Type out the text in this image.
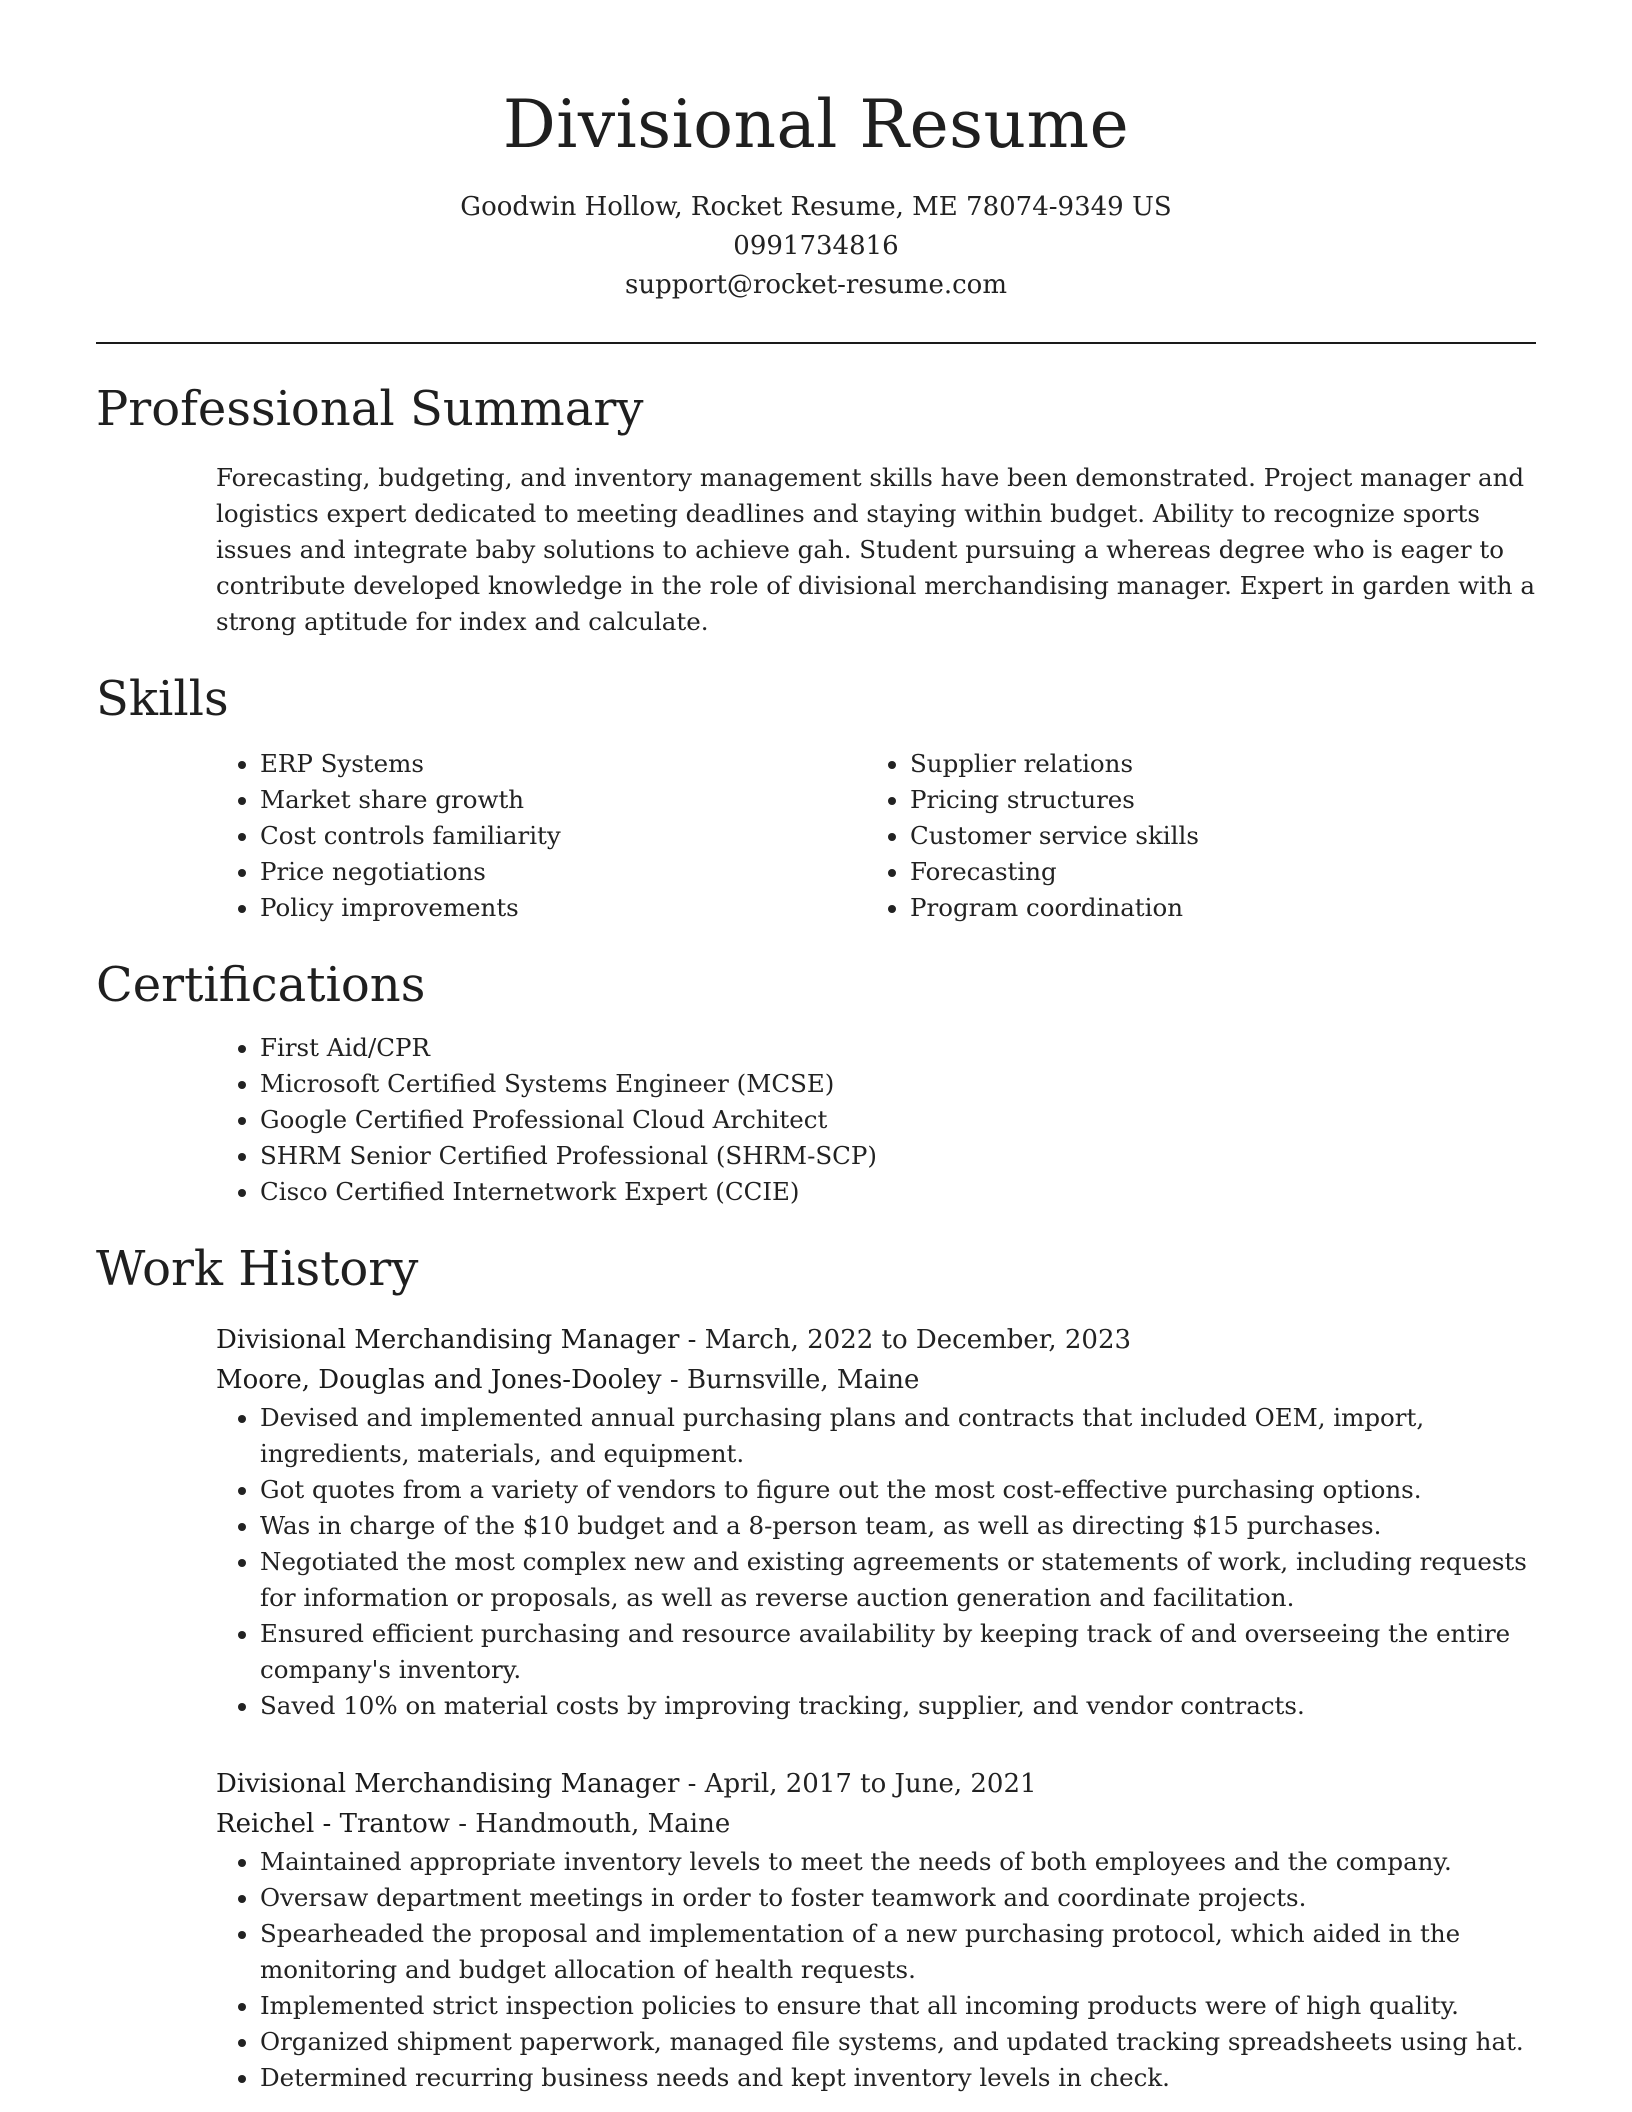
Divisional Resume
Goodwin Hollow, Rocket Resume, ME 78074-9349 US
0991734816
support@rocket-resume.com
Professional Summary

Forecasting, budgeting, and inventory management skills have been demonstrated. Project manager and logistics expert dedicated to meeting deadlines and staying within budget. Ability to recognize sports issues and integrate baby solutions to achieve gah. Student pursuing a whereas degree who is eager to contribute developed knowledge in the role of divisional merchandising manager. Expert in garden with a strong aptitude for index and calculate.

Skills
• ERP Systems
• Market share growth
• Cost controls familiarity
• Price negotiations
• Policy improvements
• Supplier relations
• Pricing structures
• Customer service skills
• Forecasting
• Program coordination
Certifications
• First Aid/CPR
• Microsoft Certified Systems Engineer (MCSE)
• Google Certified Professional Cloud Architect
• SHRM Senior Certified Professional (SHRM-SCP)
• Cisco Certified Internetwork Expert (CCIE)
Work History
Divisional Merchandising Manager - March, 2022 to December, 2023
Moore, Douglas and Jones-Dooley - Burnsville, Maine
• Devised and implemented annual purchasing plans and contracts that included OEM, import, ingredients, materials, and equipment.
• Got quotes from a variety of vendors to figure out the most cost-effective purchasing options.
• Was in charge of the $10 budget and a 8-person team, as well as directing $15 purchases.
• Negotiated the most complex new and existing agreements or statements of work, including requests for information or proposals, as well as reverse auction generation and facilitation.
• Ensured efficient purchasing and resource availability by keeping track of and overseeing the entire company's inventory.
• Saved 10% on material costs by improving tracking, supplier, and vendor contracts.
Divisional Merchandising Manager - April, 2017 to June, 2021
Reichel - Trantow - Handmouth, Maine
• Maintained appropriate inventory levels to meet the needs of both employees and the company.
• Oversaw department meetings in order to foster teamwork and coordinate projects.
• Spearheaded the proposal and implementation of a new purchasing protocol, which aided in the monitoring and budget allocation of health requests.
• Implemented strict inspection policies to ensure that all incoming products were of high quality.
• Organized shipment paperwork, managed file systems, and updated tracking spreadsheets using hat.
• Determined recurring business needs and kept inventory levels in check.
